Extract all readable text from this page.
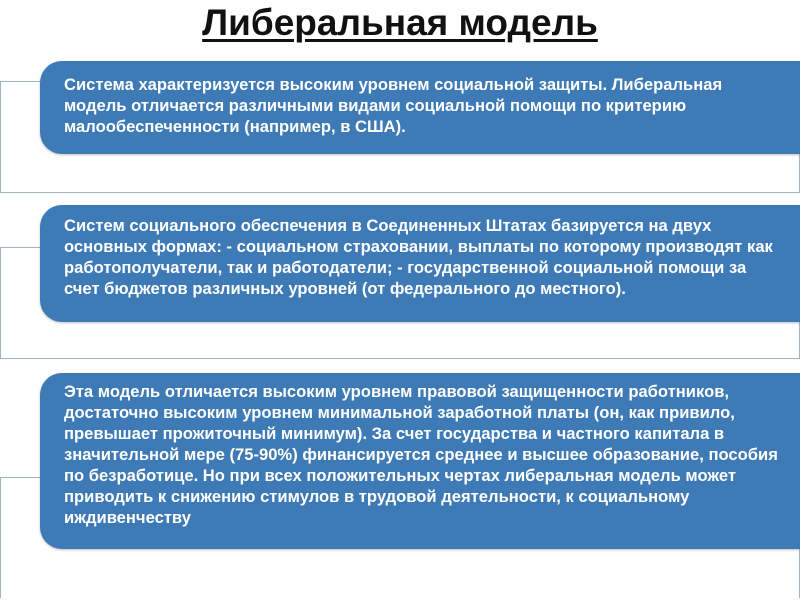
Либеральная модель
Cистема характеризуется высоким уровнем социальной защиты. Либеральная модель отличается различными видами социальной помощи по критерию малообеспеченности (например, в США).
Систем социального обеспечения в Соединенных Штатах базируется на двух основных формах: - социальном страховании, выплаты по которому производят как работополучатели, так и работодатели; - государственной социальной помощи за счет бюджетов различных уровней (от федерального до местного).
Эта модель отличается высоким уровнем правовой защищенности работников, достаточно высоким уровнем минимальной заработной платы (он, как привило, превышает прожиточный минимум). За счет государства и частного капитала в значительной мере (75-90%) финансируется среднее и высшее образование, пособия по безработице. Но при всех положительных чертах либеральная модель может приводить к снижению стимулов в трудовой деятельности, к социальному иждивенчеству
